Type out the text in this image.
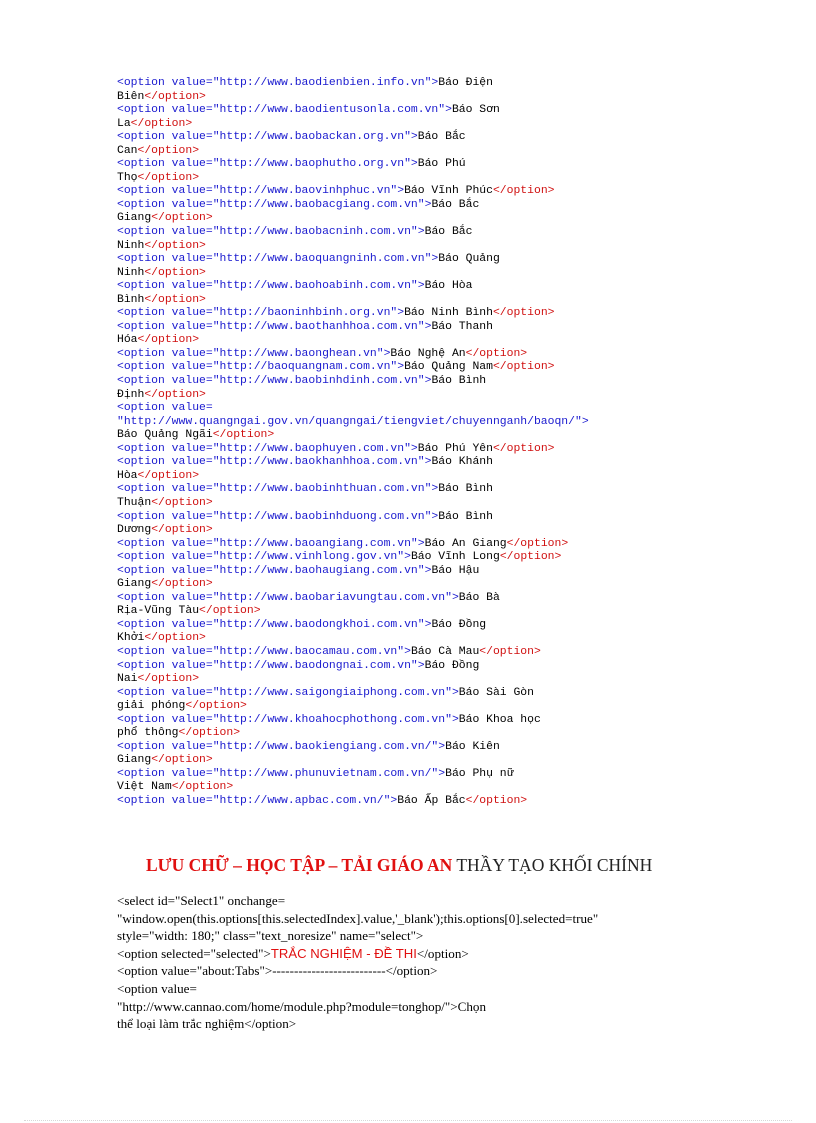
<option value="http://www.baodienbien.info.vn">Báo Điện
Biên</option>
<option value="http://www.baodientusonla.com.vn">Báo Sơn
La</option>
<option value="http://www.baobackan.org.vn">Báo Bắc
Can</option>
<option value="http://www.baophutho.org.vn">Báo Phú
Thọ</option>
<option value="http://www.baovinhphuc.vn">Báo Vĩnh Phúc</option>
<option value="http://www.baobacgiang.com.vn">Báo Bắc
Giang</option>
<option value="http://www.baobacninh.com.vn">Báo Bắc
Ninh</option>
<option value="http://www.baoquangninh.com.vn">Báo Quảng
Ninh</option>
<option value="http://www.baohoabinh.com.vn">Báo Hòa
Bình</option>
<option value="http://baoninhbinh.org.vn">Báo Ninh Bình</option>
<option value="http://www.baothanhhoa.com.vn">Báo Thanh
Hóa</option>
<option value="http://www.baonghean.vn">Báo Nghệ An</option>
<option value="http://baoquangnam.com.vn">Báo Quảng Nam</option>
<option value="http://www.baobinhdinh.com.vn">Báo Bình
Định</option>
<option value=
"http://www.quangngai.gov.vn/quangngai/tiengviet/chuyennganh/baoqn/">
Báo Quảng Ngãi</option>
<option value="http://www.baophuyen.com.vn">Báo Phú Yên</option>
<option value="http://www.baokhanhhoa.com.vn">Báo Khánh
Hòa</option>
<option value="http://www.baobinhthuan.com.vn">Báo Bình
Thuận</option>
<option value="http://www.baobinhduong.com.vn">Báo Bình
Dương</option>
<option value="http://www.baoangiang.com.vn">Báo An Giang</option>
<option value="http://www.vinhlong.gov.vn">Báo Vĩnh Long</option>
<option value="http://www.baohaugiang.com.vn">Báo Hậu
Giang</option>
<option value="http://www.baobariavungtau.com.vn">Báo Bà
Rịa-Vũng Tàu</option>
<option value="http://www.baodongkhoi.com.vn">Báo Đồng
Khởi</option>
<option value="http://www.baocamau.com.vn">Báo Cà Mau</option>
<option value="http://www.baodongnai.com.vn">Báo Đồng
Nai</option>
<option value="http://www.saigongiaiphong.com.vn">Báo Sài Gòn
giải phóng</option>
<option value="http://www.khoahocphothong.com.vn">Báo Khoa học
phổ thông</option>
<option value="http://www.baokiengiang.com.vn/">Báo Kiên
Giang</option>
<option value="http://www.phunuvietnam.com.vn/">Báo Phụ nữ
Việt Nam</option>
<option value="http://www.apbac.com.vn/">Báo Ấp Bắc</option>
LƯU CHỮ – HỌC TẬP – TẢI GIÁO AN THẦY TẠO KHỐI CHÍNH
<select id="Select1" onchange=
"window.open(this.options[this.selectedIndex].value,'_blank');this.options[0].selected=true"
style="width: 180;" class="text_noresize" name="select">
<option selected="selected">TRẮC NGHIỆM - ĐỀ THI</option>
<option value="about:Tabs">--------------------------</option>
<option value=
"http://www.cannao.com/home/module.php?module=tonghop/">Chọn
thể loại làm trắc nghiệm</option>
